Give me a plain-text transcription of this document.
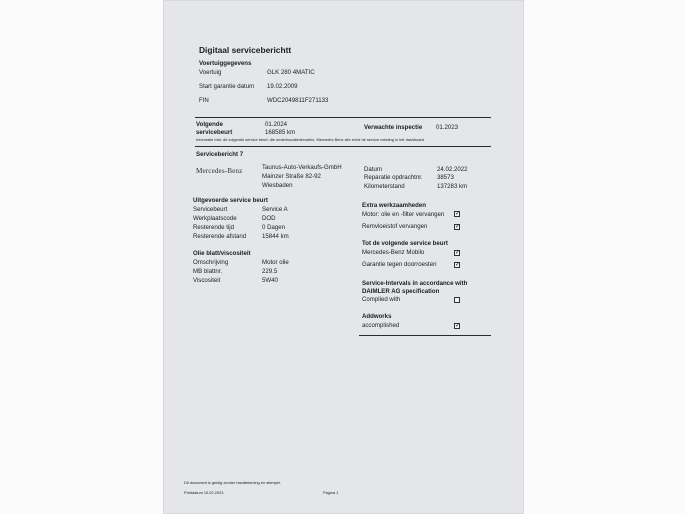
Digitaal serviceberichtt
Voertuiggegevens
Voertuig	GLK 280 4MATIC
Start garantie datum 19.02.2009
FIN	WDC2049811F271133
Volgende
servicebeurt
01.2024
168585 km
Verwachte inspectie 01.2023
Informatie mbt. de volgende service beurt: die onderhoudsintervallen, Mercedes Benz site en/of de service melding in het dashboard
Servicebericht 7
Mercedes-Benz	Taunus-Auto-Verkaufs-GmbH
Mainzer Straße 82-92
Wiesbaden
Datum	24.02.2022
Reparatie opdrachtnr. 38573
Kilometerstand	137283 km
Uitgevoerde service beurt
Servicebeurt	Service A
Werkplaatscode	DOD
Resterende tijd	0 Dagen
Resterende afstand	15844 km
Olie blatt/viscositeit
Omschrijving	Motor olie
MB blattnr.	229.5
Viscositeit	5W40
Extra werkzaamheden
Motor: olie en -filter vervangen ✓
Remvloeistof vervangen	✓
Tot de volgende service beurt
Mercedes-Benz Mobilo	✓
Garantie tegen doorroesten	✓
Service-Intervals in accordance with
DAIMLER AG specification
Complied with
Addworks
accomplished	✓
Dit document is geldig zonder handtekening en stempel.
Printdatum 10.02.2023	Pagina 1
